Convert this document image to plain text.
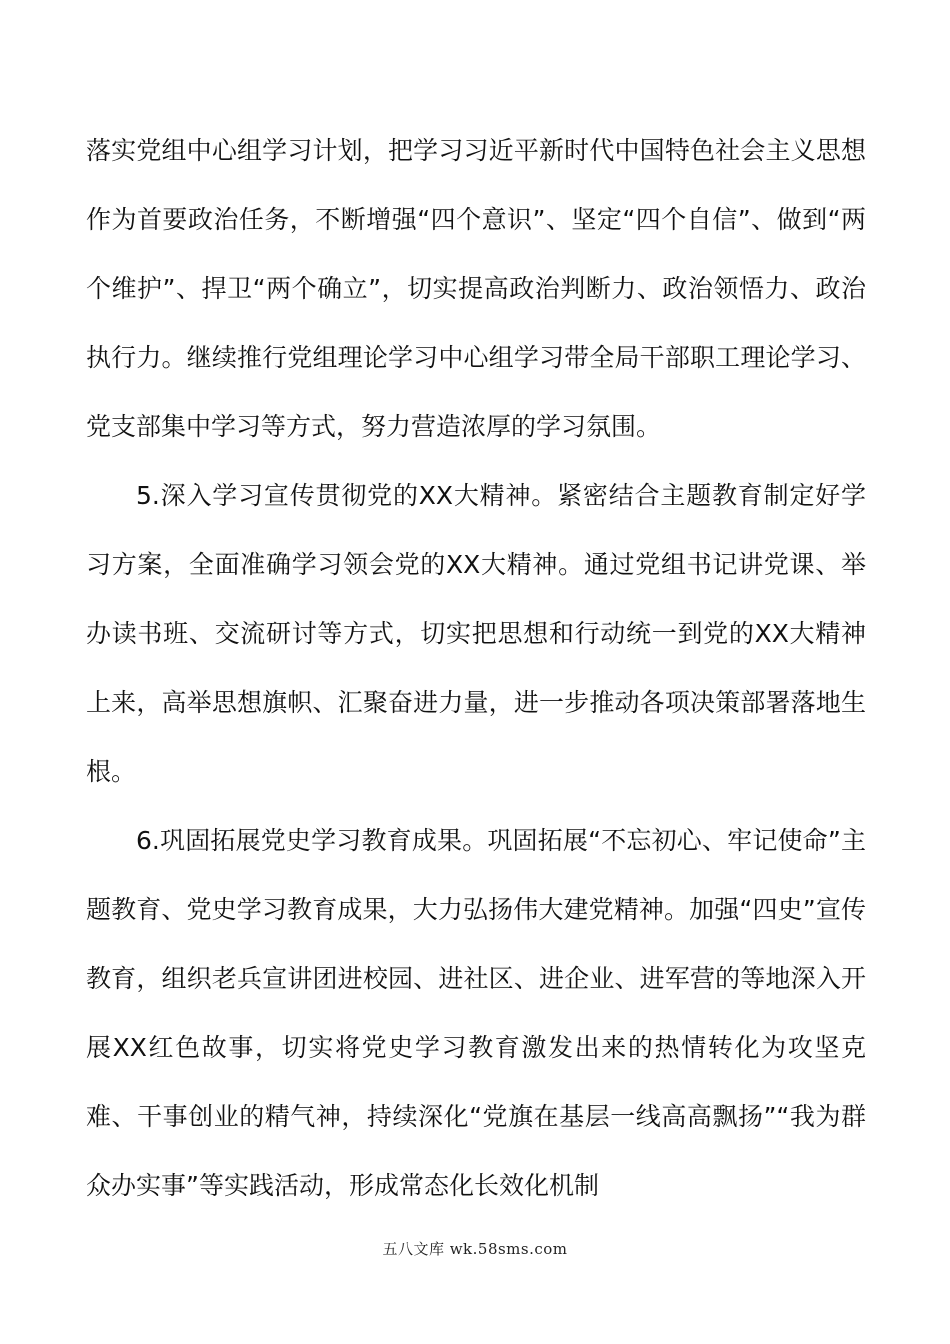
落实党组中心组学习计划，把学习习近平新时代中国特色社会主义思想作为首要政治任务，不断增强“四个意识”、坚定“四个自信”、做到“两个维护”、捍卫“两个确立”，切实提高政治判断力、政治领悟力、政治执行力。继续推行党组理论学习中心组学习带全局干部职工理论学习、党支部集中学习等方式，努力营造浓厚的学习氛围。

5.深入学习宣传贯彻党的XX大精神。紧密结合主题教育制定好学习方案，全面准确学习领会党的XX大精神。通过党组书记讲党课、举办读书班、交流研讨等方式，切实把思想和行动统一到党的XX大精神上来，高举思想旗帜、汇聚奋进力量，进一步推动各项决策部署落地生根。

6.巩固拓展党史学习教育成果。巩固拓展“不忘初心、牢记使命”主题教育、党史学习教育成果，大力弘扬伟大建党精神。加强“四史”宣传教育，组织老兵宣讲团进校园、进社区、进企业、进军营的等地深入开展XX红色故事，切实将党史学习教育激发出来的热情转化为攻坚克难、干事创业的精气神，持续深化“党旗在基层一线高高飘扬”“我为群众办实事”等实践活动，形成常态化长效化机制

五八文库 wk.58sms.com
